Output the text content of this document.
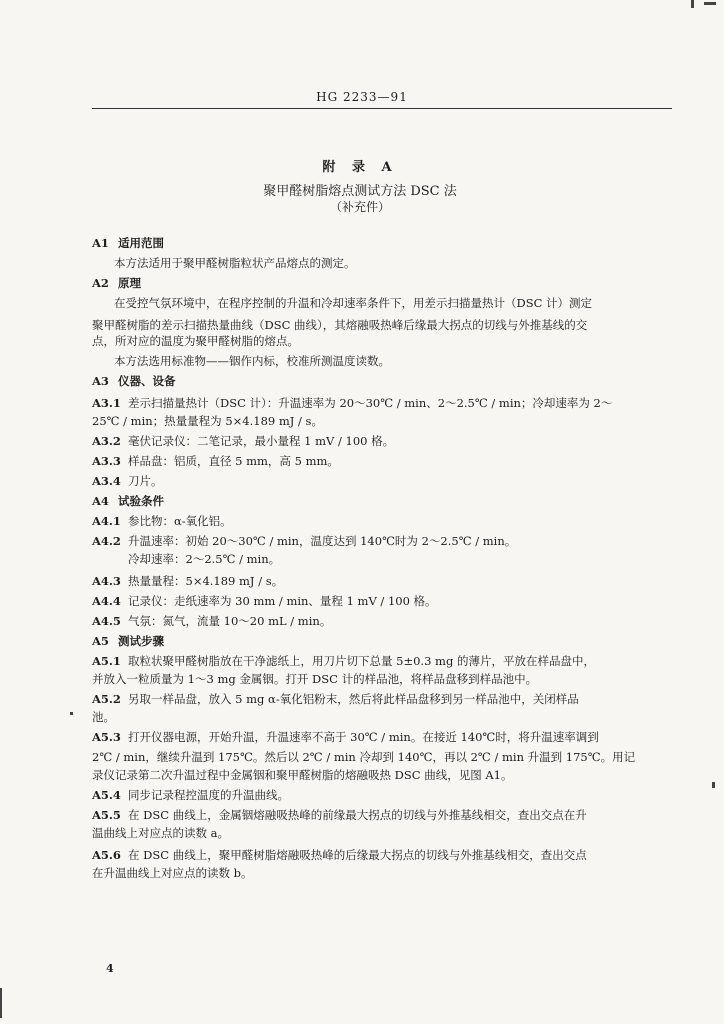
HG 2233—91
附 录 A
聚甲醛树脂熔点测试方法 DSC 法
（补充件）
A1 适用范围
本方法适用于聚甲醛树脂粒状产品熔点的测定。
A2 原理
在受控气氛环境中，在程序控制的升温和冷却速率条件下，用差示扫描量热计（DSC 计）测定
聚甲醛树脂的差示扫描热量曲线（DSC 曲线），其熔融吸热峰后缘最大拐点的切线与外推基线的交
点，所对应的温度为聚甲醛树脂的熔点。
本方法选用标准物——铟作内标，校准所测温度读数。
A3 仪器、设备
A3.1 差示扫描量热计（DSC 计）：升温速率为 20～30℃ / min、2～2.5℃ / min；冷却速率为 2～
25℃ / min；热量量程为 5×4.189 mJ / s。
A3.2 毫伏记录仪：二笔记录，最小量程 1 mV / 100 格。
A3.3 样品盘：铝质，直径 5 mm，高 5 mm。
A3.4 刀片。
A4 试验条件
A4.1 参比物：α-氧化铝。
A4.2 升温速率：初始 20～30℃ / min，温度达到 140℃时为 2～2.5℃ / min。
冷却速率：2～2.5℃ / min。
A4.3 热量量程：5×4.189 mJ / s。
A4.4 记录仪：走纸速率为 30 mm / min、量程 1 mV / 100 格。
A4.5 气氛：氮气，流量 10～20 mL / min。
A5 测试步骤
A5.1 取粒状聚甲醛树脂放在干净滤纸上，用刀片切下总量 5±0.3 mg 的薄片，平放在样品盘中，
并放入一粒质量为 1～3 mg 金属铟。打开 DSC 计的样品池，将样品盘移到样品池中。
A5.2 另取一样品盘，放入 5 mg α-氧化铝粉末，然后将此样品盘移到另一样品池中，关闭样品
池。
A5.3 打开仪器电源，开始升温，升温速率不高于 30℃ / min。在接近 140℃时，将升温速率调到
2℃ / min，继续升温到 175℃。然后以 2℃ / min 冷却到 140℃，再以 2℃ / min 升温到 175℃。用记
录仪记录第二次升温过程中金属铟和聚甲醛树脂的熔融吸热 DSC 曲线，见图 A1。
A5.4 同步记录程控温度的升温曲线。
A5.5 在 DSC 曲线上，金属铟熔融吸热峰的前缘最大拐点的切线与外推基线相交，查出交点在升
温曲线上对应点的读数 a。
A5.6 在 DSC 曲线上，聚甲醛树脂熔融吸热峰的后缘最大拐点的切线与外推基线相交，查出交点
在升温曲线上对应点的读数 b。
4
